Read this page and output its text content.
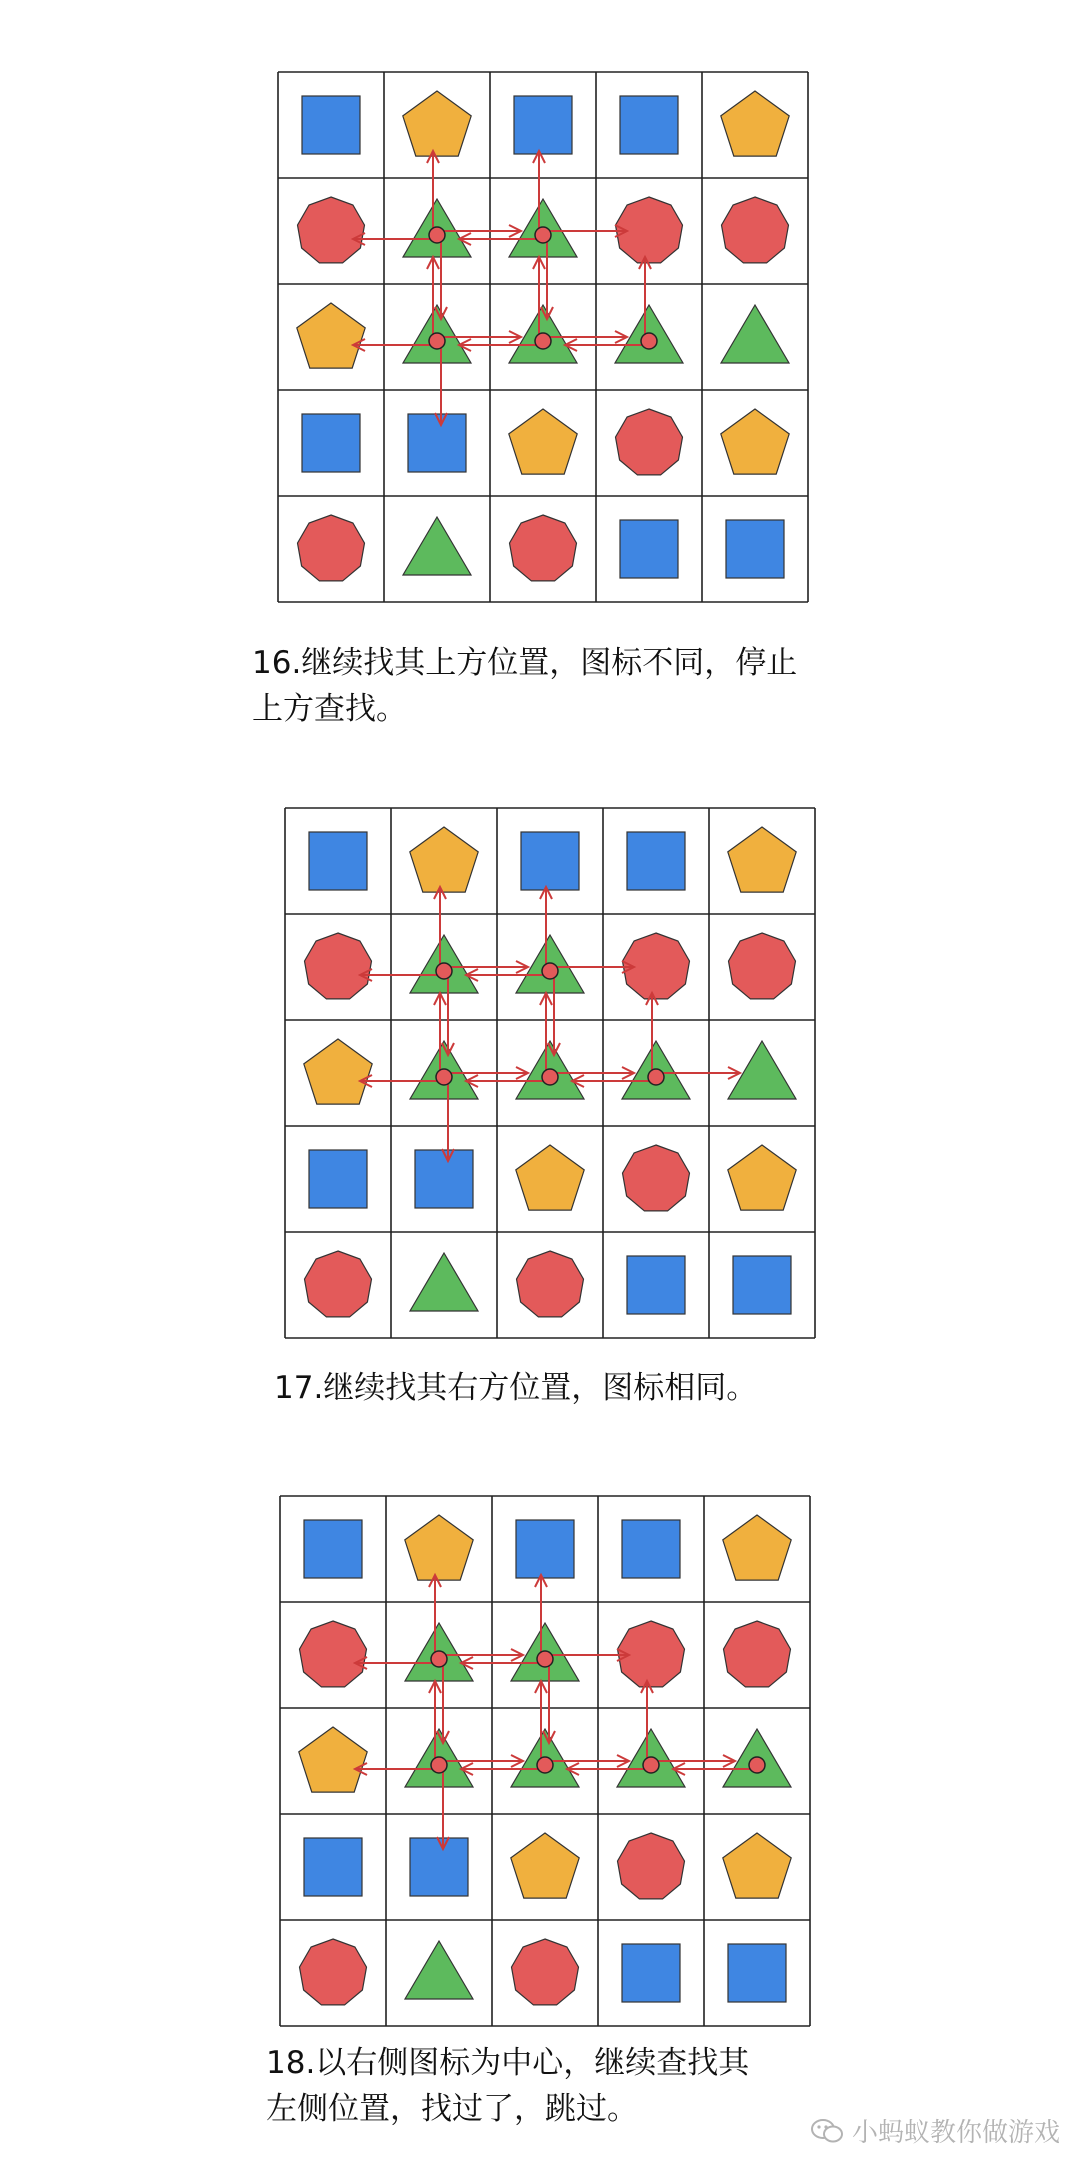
16.继续找其上方位置，图标不同，停止
上方查找。
17.继续找其右方位置，图标相同。
18.以右侧图标为中心，继续查找其
左侧位置，找过了，跳过。
小蚂蚁教你做游戏
